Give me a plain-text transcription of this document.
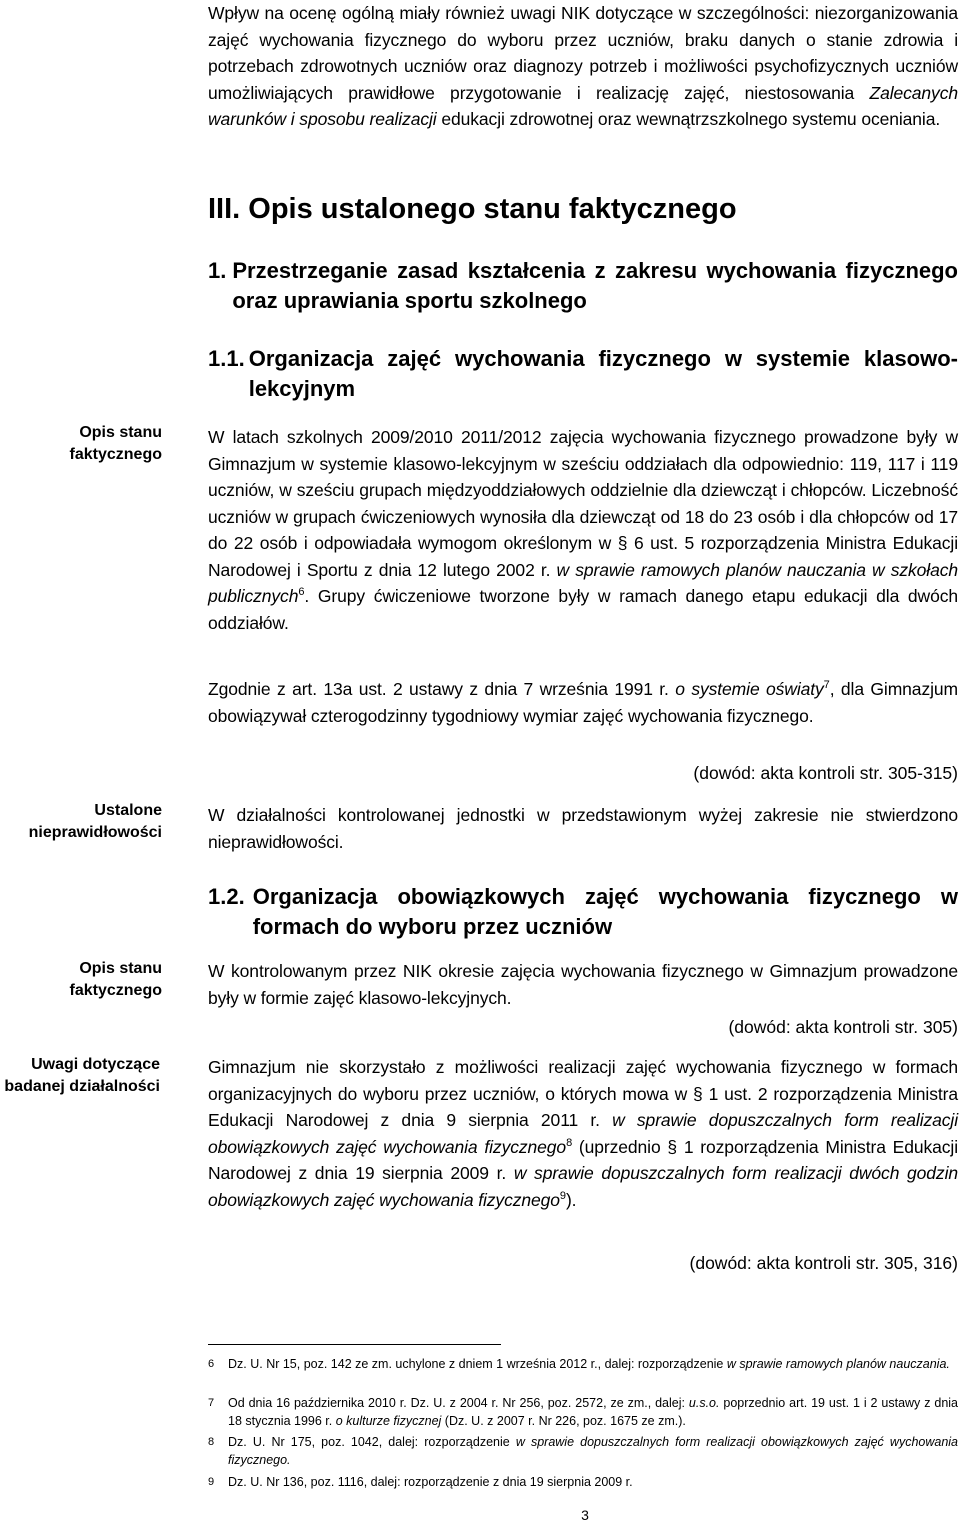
Opis stanu faktycznego
Ustalone nieprawidłowości
Opis stanu faktycznego
Uwagi dotyczące badanej działalności

Wpływ na ocenę ogólną miały również uwagi NIK dotyczące w szczególności: niezorganizowania zajęć wychowania fizycznego do wyboru przez uczniów, braku danych o stanie zdrowia i potrzebach zdrowotnych uczniów oraz diagnozy potrzeb i możliwości psychofizycznych uczniów umożliwiających prawidłowe przygotowanie i realizację zajęć, niestosowania Zalecanych warunków i sposobu realizacji edukacji zdrowotnej oraz wewnątrzszkolnego systemu oceniania.

III. Opis ustalonego stanu faktycznego
1. Przestrzeganie zasad kształcenia z zakresu wychowania fizycznego oraz uprawiania sportu szkolnego
1.1. Organizacja zajęć wychowania fizycznego w systemie klasowo-lekcyjnym

W latach szkolnych 2009/2010 2011/2012 zajęcia wychowania fizycznego prowadzone były w Gimnazjum w systemie klasowo-lekcyjnym w sześciu oddziałach dla odpowiednio: 119, 117 i 119 uczniów, w sześciu grupach międzyoddziałowych oddzielnie dla dziewcząt i chłopców. Liczebność uczniów w grupach ćwiczeniowych wynosiła dla dziewcząt od 18 do 23 osób i dla chłopców od 17 do 22 osób i odpowiadała wymogom określonym w § 6 ust. 5 rozporządzenia Ministra Edukacji Narodowej i Sportu z dnia 12 lutego 2002 r. w sprawie ramowych planów nauczania w szkołach publicznych$^6$. Grupy ćwiczeniowe tworzone były w ramach danego etapu edukacji dla dwóch oddziałów.

Zgodnie z art. 13a ust. 2 ustawy z dnia 7 września 1991 r. o systemie oświaty$^7$, dla Gimnazjum obowiązywał czterogodzinny tygodniowy wymiar zajęć wychowania fizycznego.

(dowód: akta kontroli str. 305-315)

W działalności kontrolowanej jednostki w przedstawionym wyżej zakresie nie stwierdzono nieprawidłowości.

1.2. Organizacja obowiązkowych zajęć wychowania fizycznego w formach do wyboru przez uczniów

W kontrolowanym przez NIK okresie zajęcia wychowania fizycznego w Gimnazjum prowadzone były w formie zajęć klasowo-lekcyjnych.

(dowód: akta kontroli str. 305)

Gimnazjum nie skorzystało z możliwości realizacji zajęć wychowania fizycznego w formach organizacyjnych do wyboru przez uczniów, o których mowa w § 1 ust. 2 rozporządzenia Ministra Edukacji Narodowej z dnia 9 sierpnia 2011 r. w sprawie dopuszczalnych form realizacji obowiązkowych zajęć wychowania fizycznego$^8$ (uprzednio § 1 rozporządzenia Ministra Edukacji Narodowej z dnia 19 sierpnia 2009 r. w sprawie dopuszczalnych form realizacji dwóch godzin obowiązkowych zajęć wychowania fizycznego$^9$).

(dowód: akta kontroli str. 305, 316)

6	Dz. U. Nr 15, poz. 142 ze zm. uchylone z dniem 1 września 2012 r., dalej: rozporządzenie w sprawie ramowych planów nauczania.
7	Od dnia 16 października 2010 r. Dz. U. z 2004 r. Nr 256, poz. 2572, ze zm., dalej: u.s.o. poprzednio art. 19 ust. 1 i 2 ustawy z dnia 18 stycznia 1996 r. o kulturze fizycznej (Dz. U. z 2007 r. Nr 226, poz. 1675 ze zm.).
8	Dz. U. Nr 175, poz. 1042, dalej: rozporządzenie w sprawie dopuszczalnych form realizacji obowiązkowych zajęć wychowania fizycznego.
9	Dz. U. Nr 136, poz. 1116, dalej: rozporządzenie z dnia 19 sierpnia 2009 r.
3
